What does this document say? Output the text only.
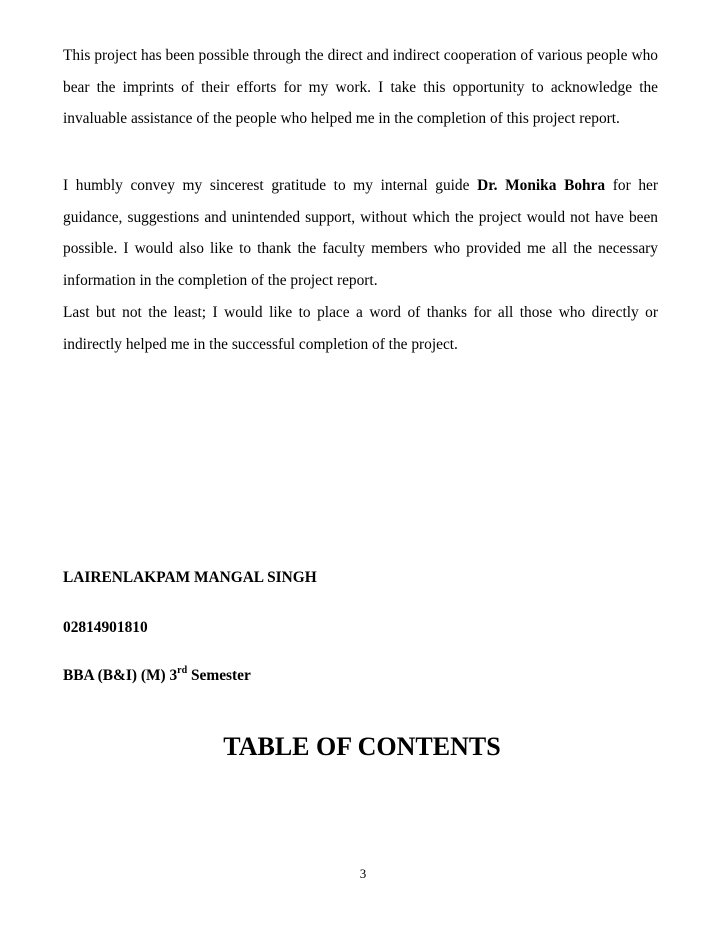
This project has been possible through the direct and indirect cooperation of various people who bear the imprints of their efforts for my work. I take this opportunity to acknowledge the invaluable assistance of the people who helped me in the completion of this project report.

I humbly convey my sincerest gratitude to my internal guide Dr. Monika Bohra for her guidance, suggestions and unintended support, without which the project would not have been possible. I would also like to thank the faculty members who provided me all the necessary information in the completion of the project report.

Last but not the least; I would like to place a word of thanks for all those who directly or indirectly helped me in the successful completion of the project.

LAIRENLAKPAM MANGAL SINGH

02814901810

BBA (B&I) (M) 3rd Semester

TABLE OF CONTENTS
3
